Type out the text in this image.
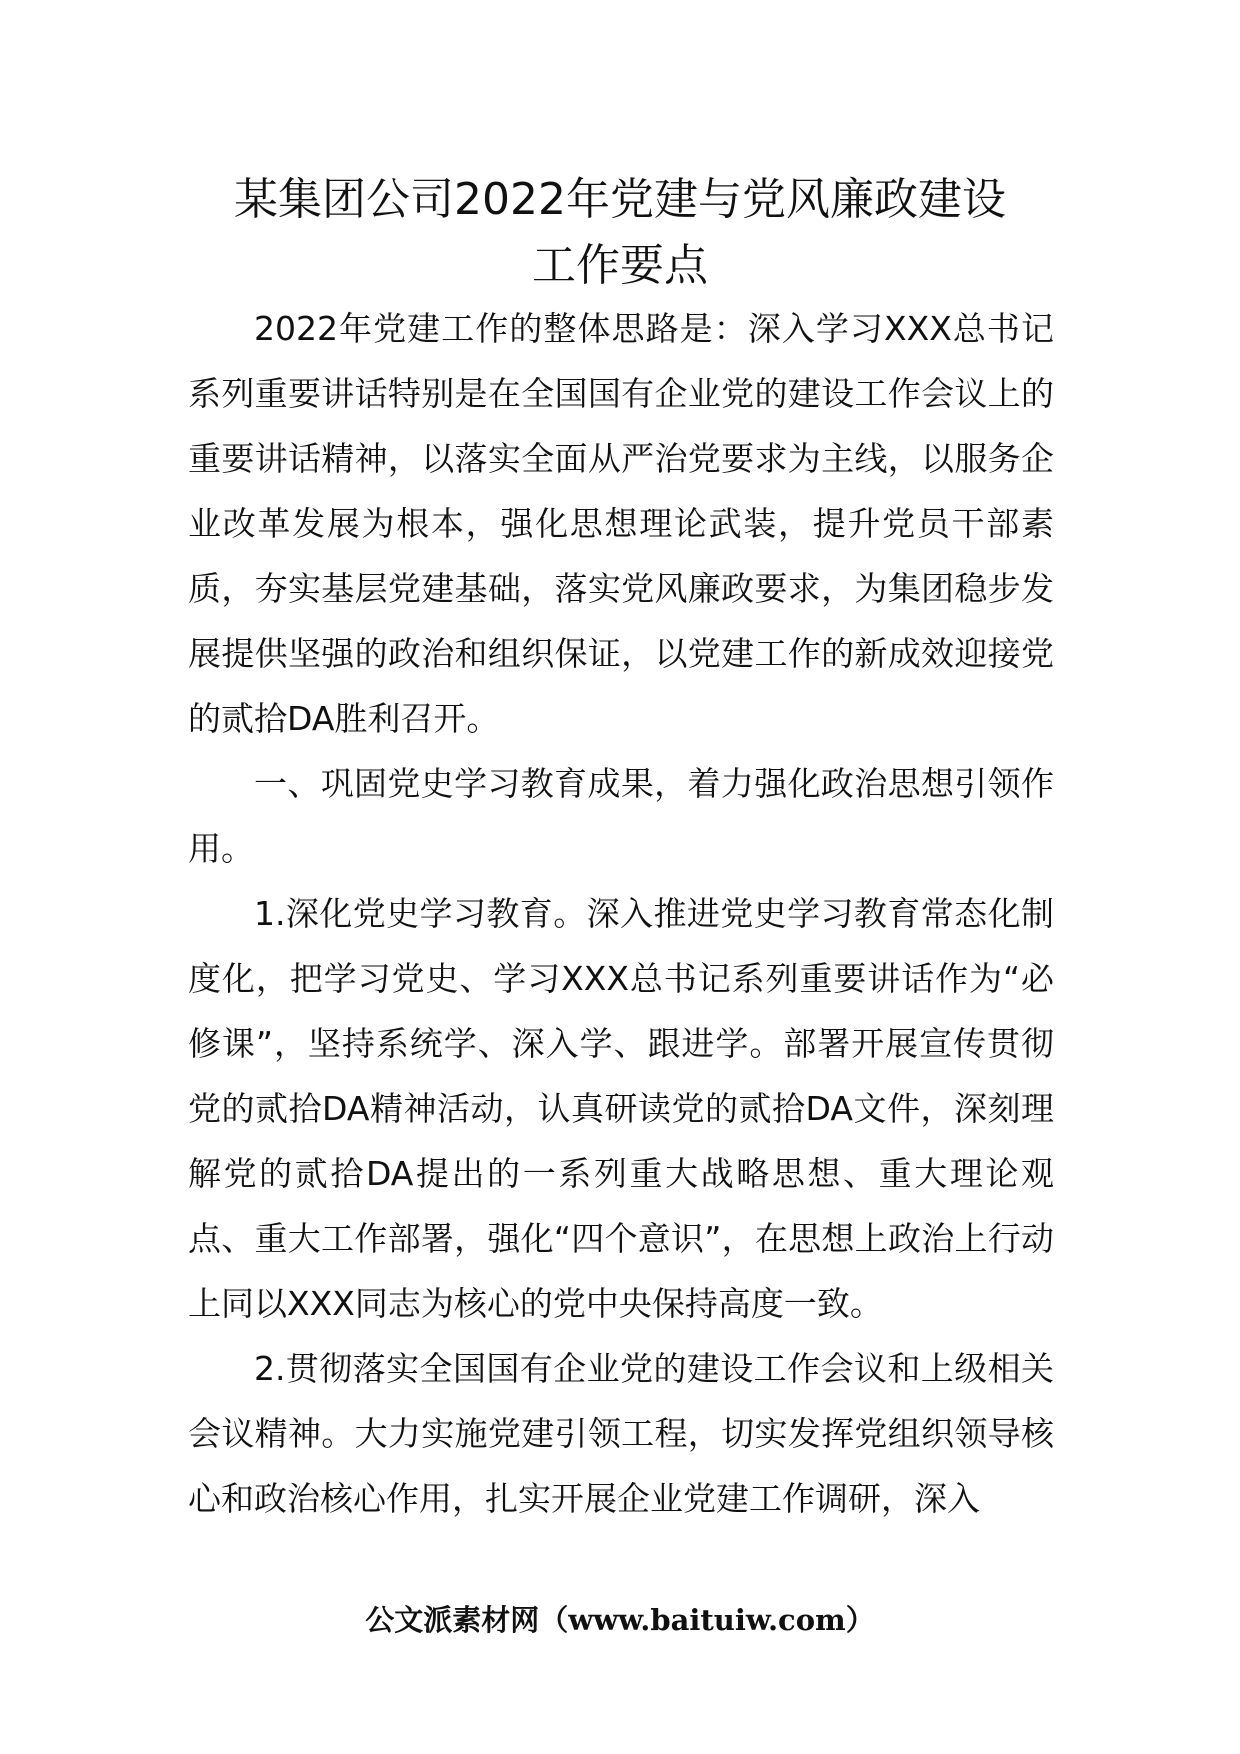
某集团公司2022年党建与党风廉政建设
工作要点

2022年党建工作的整体思路是：深入学习XXX总书记系列重要讲话特别是在全国国有企业党的建设工作会议上的重要讲话精神，以落实全面从严治党要求为主线，以服务企业改革发展为根本，强化思想理论武装，提升党员干部素质，夯实基层党建基础，落实党风廉政要求，为集团稳步发展提供坚强的政治和组织保证，以党建工作的新成效迎接党的贰拾DA胜利召开。

一、巩固党史学习教育成果，着力强化政治思想引领作用。

1.深化党史学习教育。深入推进党史学习教育常态化制度化，把学习党史、学习XXX总书记系列重要讲话作为“必修课”，坚持系统学、深入学、跟进学。部署开展宣传贯彻党的贰拾DA精神活动，认真研读党的贰拾DA文件，深刻理解党的贰拾DA提出的一系列重大战略思想、重大理论观点、重大工作部署，强化“四个意识”，在思想上政治上行动上同以XXX同志为核心的党中央保持高度一致。

2.贯彻落实全国国有企业党的建设工作会议和上级相关会议精神。大力实施党建引领工程，切实发挥党组织领导核心和政治核心作用，扎实开展企业党建工作调研，深入

公文派素材网（www.baituiw.com）
